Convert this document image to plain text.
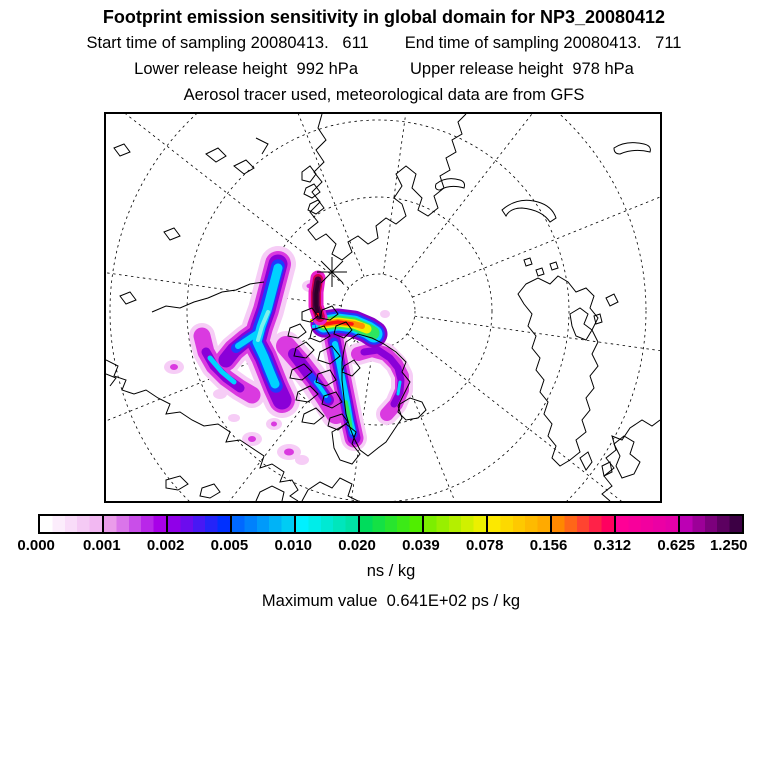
Footprint emission sensitivity in global domain for NP3_20080412
Start time of sampling 20080413.   611 End time of sampling 20080413.   711
Lower release height  992 hPa	Upper release height  978 hPa
Aerosol tracer used, meteorological data are from GFS
0.000 0.001 0.002 0.005 0.010 0.020 0.039 0.078 0.156 0.312 0.625 1.250
ns / kg
Maximum value  0.641E+02 ps / kg
